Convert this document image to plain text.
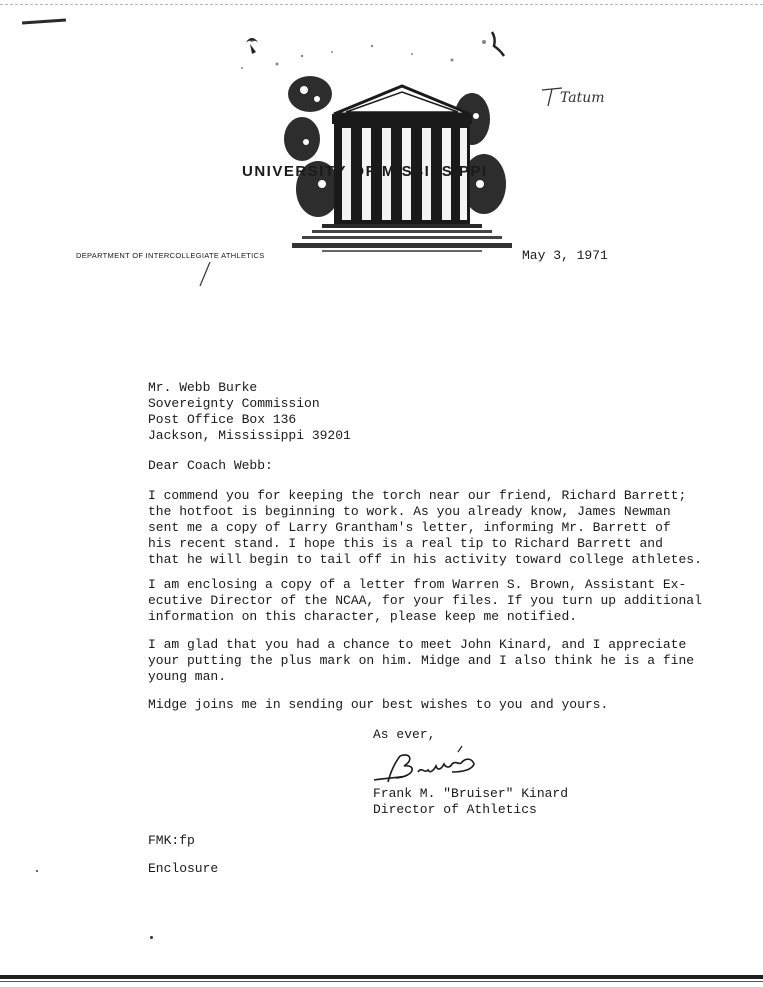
UNIVERSITY OF MISSISSIPPI
DEPARTMENT OF INTERCOLLEGIATE ATHLETICS
Tatum
May 3, 1971
Mr. Webb Burke
Sovereignty Commission
Post Office Box 136
Jackson, Mississippi 39201
Dear Coach Webb:
I commend you for keeping the torch near our friend, Richard Barrett;
the hotfoot is beginning to work. As you already know, James Newman
sent me a copy of Larry Grantham's letter, informing Mr. Barrett of
his recent stand. I hope this is a real tip to Richard Barrett and
that he will begin to tail off in his activity toward college athletes.
I am enclosing a copy of a letter from Warren S. Brown, Assistant Ex-
ecutive Director of the NCAA, for your files. If you turn up additional
information on this character, please keep me notified.
I am glad that you had a chance to meet John Kinard, and I appreciate
your putting the plus mark on him. Midge and I also think he is a fine
young man.
Midge joins me in sending our best wishes to you and yours.
As ever,
Frank M. "Bruiser" Kinard
Director of Athletics
FMK:fp
Enclosure
